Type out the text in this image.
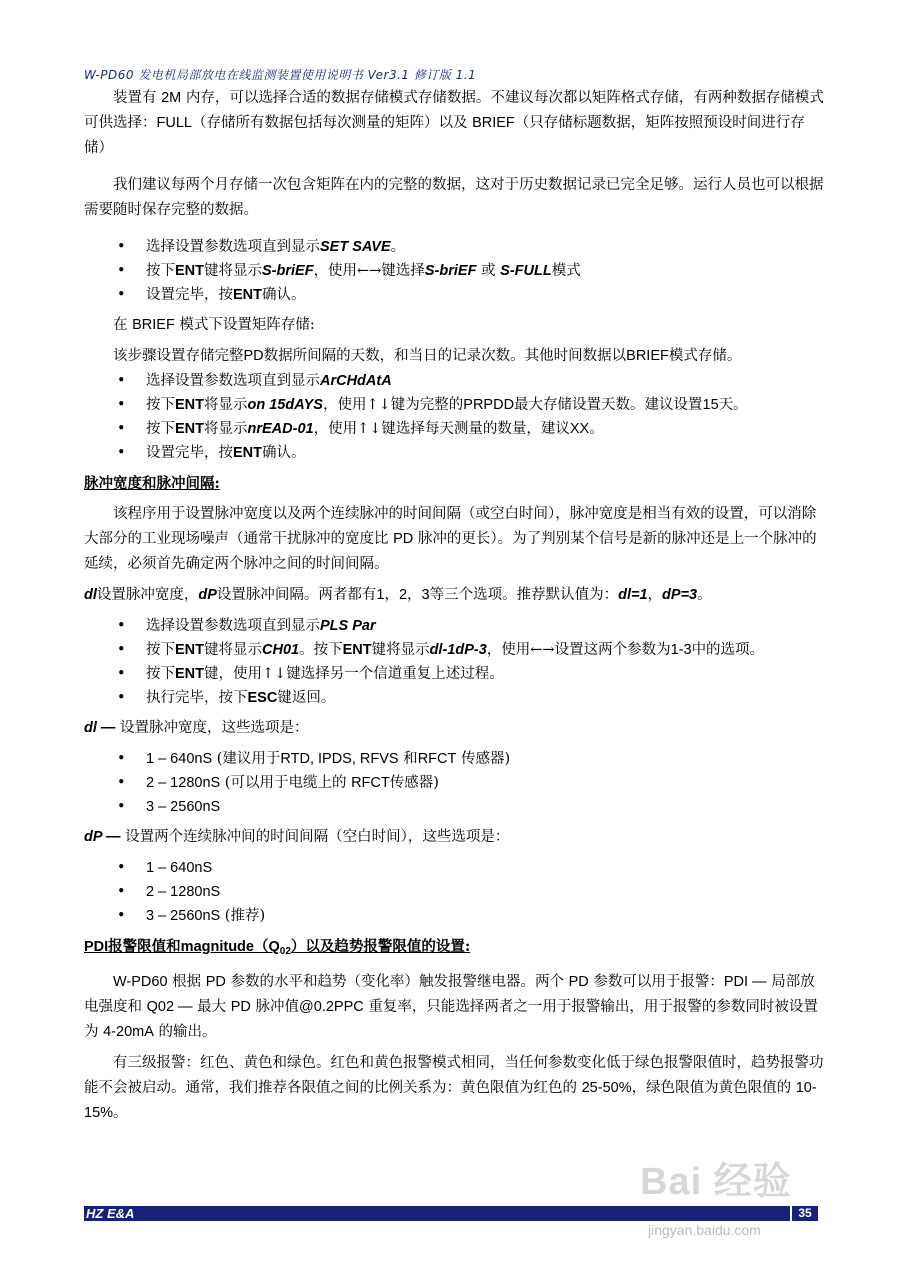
W-PD60 发电机局部放电在线监测装置使用说明书 Ver3.1 修订版 1.1

装置有 2M 内存，可以选择合适的数据存储模式存储数据。不建议每次都以矩阵格式存储，有两种数据存储模式可供选择：FULL（存储所有数据包括每次测量的矩阵）以及 BRIEF（只存储标题数据，矩阵按照预设时间进行存储）

我们建议每两个月存储一次包含矩阵在内的完整的数据，这对于历史数据记录已完全足够。运行人员也可以根据需要随时保存完整的数据。

• 选择设置参数选项直到显示SET SAVE。
• 按下ENT键将显示S-briEF，使用←→键选择S-briEF 或 S-FULL模式
• 设置完毕，按ENT确认。

在 BRIEF 模式下设置矩阵存储:

该步骤设置存储完整PD数据所间隔的天数，和当日的记录次数。其他时间数据以BRIEF模式存储。

• 选择设置参数选项直到显示ArCHdAtA
• 按下ENT将显示on 15dAYS，使用↑↓键为完整的PRPDD最大存储设置天数。建议设置15天。
• 按下ENT将显示nrEAD-01，使用↑↓键选择每天测量的数量，建议XX。
• 设置完毕，按ENT确认。

脉冲宽度和脉冲间隔:

该程序用于设置脉冲宽度以及两个连续脉冲的时间间隔（或空白时间），脉冲宽度是相当有效的设置，可以消除大部分的工业现场噪声（通常干扰脉冲的宽度比 PD 脉冲的更长）。为了判别某个信号是新的脉冲还是上一个脉冲的延续，必须首先确定两个脉冲之间的时间间隔。

dl设置脉冲宽度，dP设置脉冲间隔。两者都有1，2，3等三个选项。推荐默认值为：dl=1，dP=3。

• 选择设置参数选项直到显示PLS Par
• 按下ENT键将显示CH01。按下ENT键将显示dl-1dP-3，使用←→设置这两个参数为1-3中的选项。
• 按下ENT键，使用↑↓键选择另一个信道重复上述过程。
• 执行完毕，按下ESC键返回。

dl — 设置脉冲宽度，这些选项是：

• 1 – 640nS (建议用于RTD, IPDS, RFVS 和RFCT 传感器)
• 2 – 1280nS (可以用于电缆上的 RFCT传感器)
• 3 – 2560nS

dP — 设置两个连续脉冲间的时间间隔（空白时间），这些选项是：

• 1 – 640nS
• 2 – 1280nS
• 3 – 2560nS (推荐)

PDI报警限值和$magnitude(Q_{02})$以及趋势报警限值的设置:

W-PD60 根据 PD 参数的水平和趋势（变化率）触发报警继电器。两个 PD 参数可以用于报警：PDI — 局部放电强度和 Q02 — 最大 PD 脉冲值@0.2PPC 重复率，只能选择两者之一用于报警输出，用于报警的参数同时被设置为 4-20mA 的输出。

有三级报警：红色、黄色和绿色。红色和黄色报警模式相同，当任何参数变化低于绿色报警限值时，趋势报警功能不会被启动。通常，我们推荐各限值之间的比例关系为：黄色限值为红色的 25-50%，绿色限值为黄色限值的 10-15%。

Bai 经验
jingyan.baidu.com
HZ E&A	35
